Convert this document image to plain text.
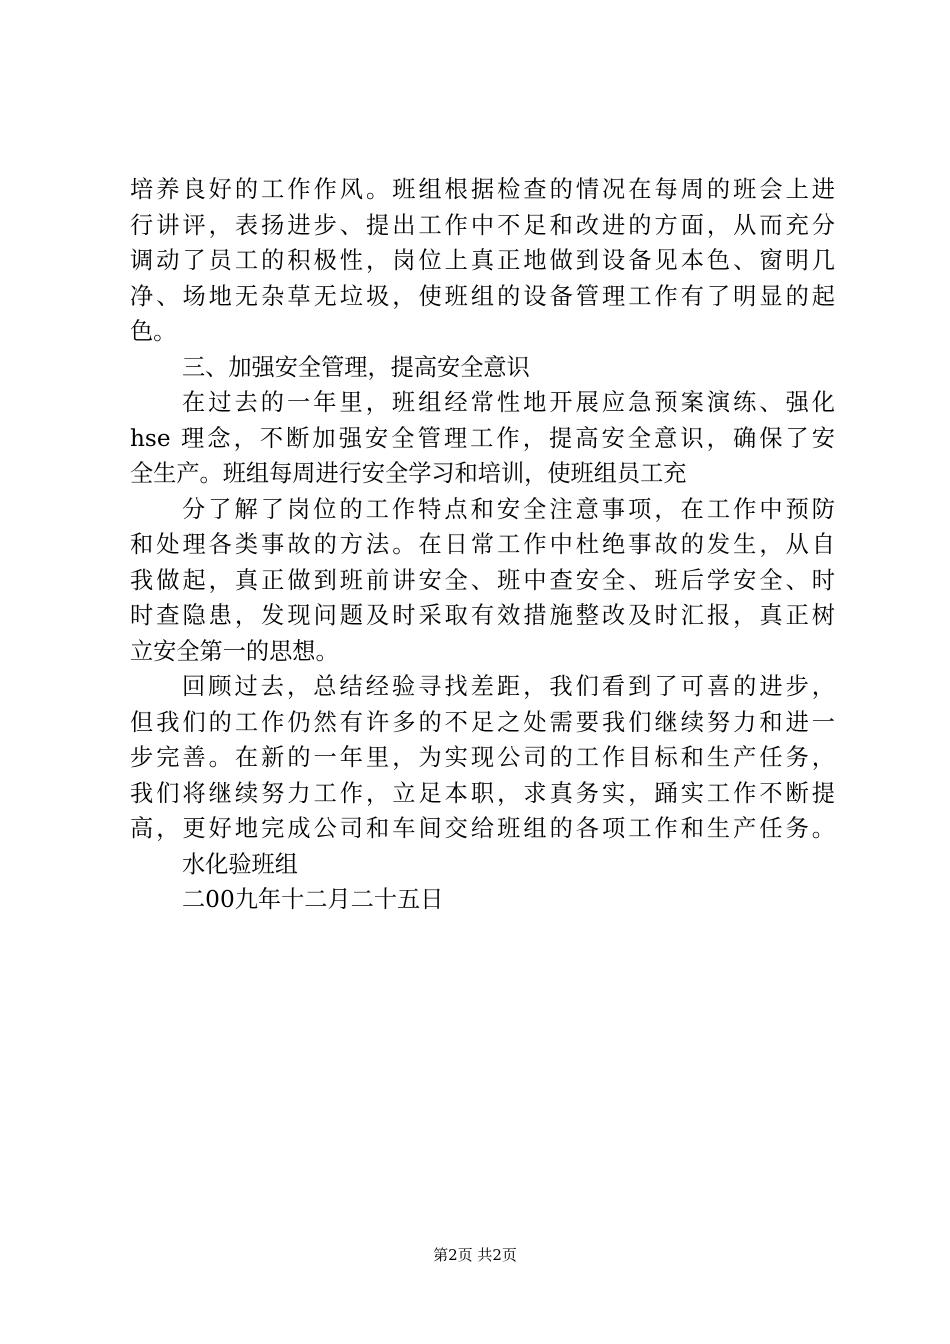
培养良好的工作作风。班组根据检查的情况在每周的班会上进
行讲评，表扬进步、提出工作中不足和改进的方面，从而充分
调动了员工的积极性，岗位上真正地做到设备见本色、窗明几
净、场地无杂草无垃圾，使班组的设备管理工作有了明显的起
色。
三、加强安全管理，提高安全意识
在过去的一年里，班组经常性地开展应急预案演练、强化
hse 理念，不断加强安全管理工作，提高安全意识，确保了安
全生产。班组每周进行安全学习和培训，使班组员工充
分了解了岗位的工作特点和安全注意事项，在工作中预防
和处理各类事故的方法。在日常工作中杜绝事故的发生，从自
我做起，真正做到班前讲安全、班中查安全、班后学安全、时
时查隐患，发现问题及时采取有效措施整改及时汇报，真正树
立安全第一的思想。
回顾过去，总结经验寻找差距，我们看到了可喜的进步，
但我们的工作仍然有许多的不足之处需要我们继续努力和进一
步完善。在新的一年里，为实现公司的工作目标和生产任务，
我们将继续努力工作，立足本职，求真务实，踊实工作不断提
高，更好地完成公司和车间交给班组的各项工作和生产任务。
水化验班组
二00九年十二月二十五日
第2页 共2页
